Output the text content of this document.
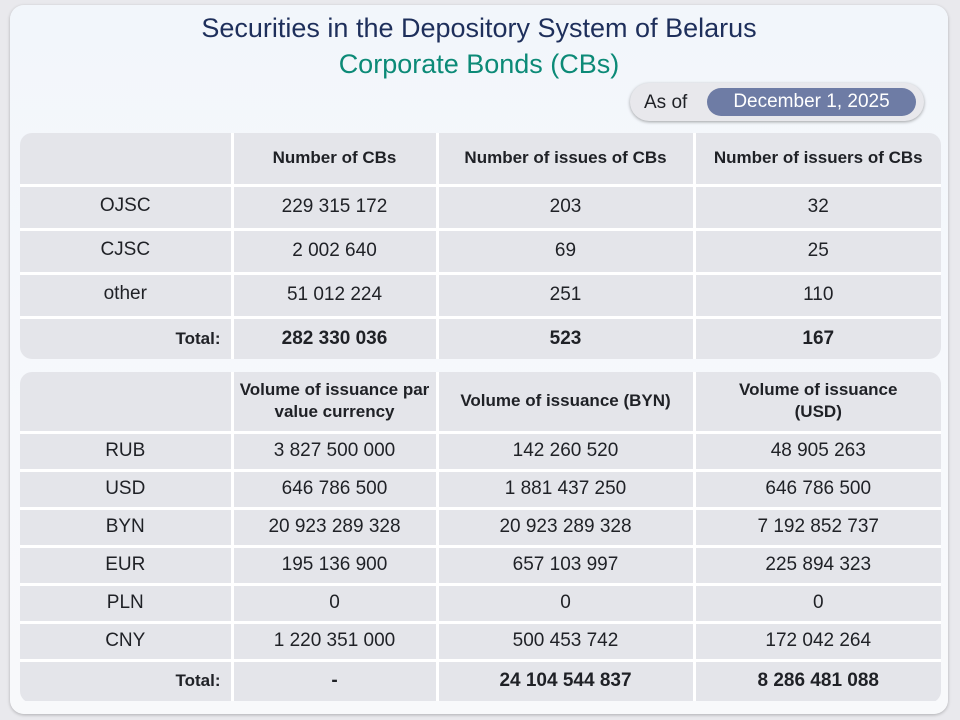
Securities in the Depository System of Belarus
Corporate Bonds (CBs)
As of	December 1, 2025
	Number of CBs	Number of issues of CBs	Number of issuers of CBs
OJSC	229 315 172	203	32
CJSC	2 002 640	69	25
other	51 012 224	251	110
Total:	282 330 036	523	167
	Volume of issuance par value currency	Volume of issuance (BYN)	Volume of issuance (USD)
RUB	3 827 500 000	142 260 520	48 905 263
USD	646 786 500	1 881 437 250	646 786 500
BYN	20 923 289 328	20 923 289 328	7 192 852 737
EUR	195 136 900	657 103 997	225 894 323
PLN	0	0	0
CNY	1 220 351 000	500 453 742	172 042 264
Total:	-	24 104 544 837	8 286 481 088
